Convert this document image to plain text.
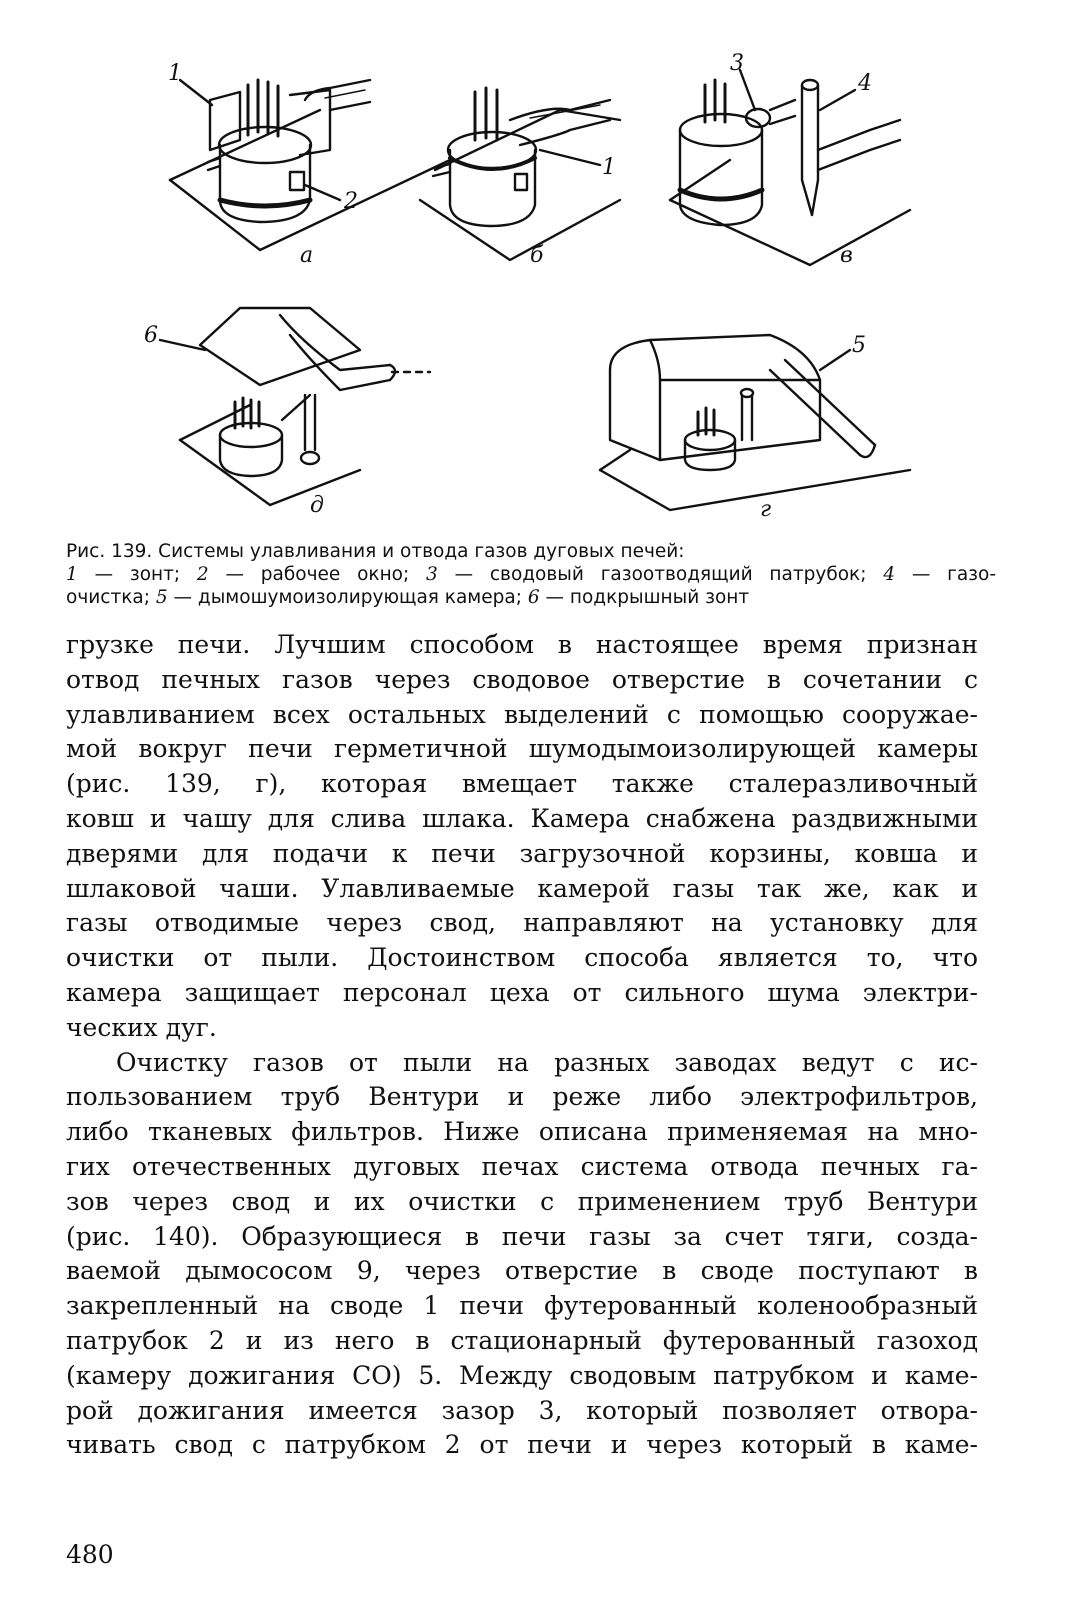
1
2
а
1
б
3
4
в
6
д
5
г
Рис. 139. Системы улавливания и отвода газов дуговых печей:
1 — зонт; 2 — рабочее окно; 3 — сводовый газоотводящий патрубок; 4 — газо-
очистка; 5 — дымошумоизолирующая камера; 6 — подкрышный зонт
грузке печи. Лучшим способом в настоящее время признан
отвод печных газов через сводовое отверстие в сочетании с
улавливанием всех остальных выделений с помощью сооружае-
мой вокруг печи герметичной шумодымоизолирующей камеры
(рис. 139, г), которая вмещает также сталеразливочный
ковш и чашу для слива шлака. Камера снабжена раздвижными
дверями для подачи к печи загрузочной корзины, ковша и
шлаковой чаши. Улавливаемые камерой газы так же, как и
газы отводимые через свод, направляют на установку для
очистки от пыли. Достоинством способа является то, что
камера защищает персонал цеха от сильного шума электри-
ческих дуг.
Очистку газов от пыли на разных заводах ведут с ис-
пользованием труб Вентури и реже либо электрофильтров,
либо тканевых фильтров. Ниже описана применяемая на мно-
гих отечественных дуговых печах система отвода печных га-
зов через свод и их очистки с применением труб Вентури
(рис. 140). Образующиеся в печи газы за счет тяги, созда-
ваемой дымососом 9, через отверстие в своде поступают в
закрепленный на своде 1 печи футерованный коленообразный
патрубок 2 и из него в стационарный футерованный газоход
(камеру дожигания СО) 5. Между сводовым патрубком и каме-
рой дожигания имеется зазор 3, который позволяет отвора-
чивать свод с патрубком 2 от печи и через который в каме-
480
